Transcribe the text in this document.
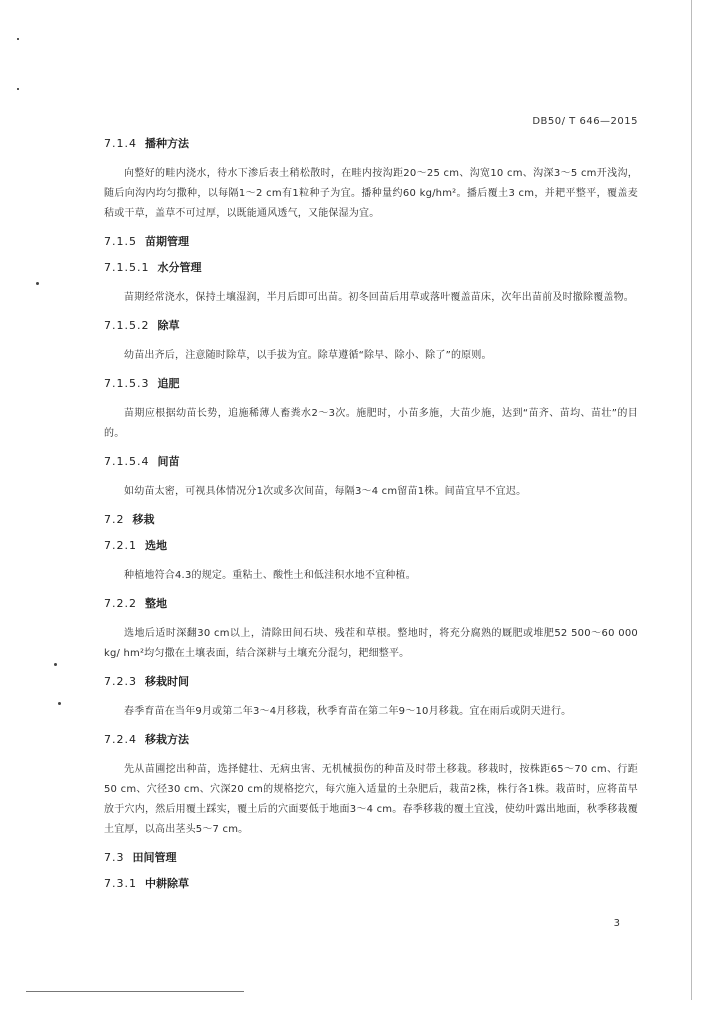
DB50/ T 646—2015
7.1.4 播种方法
向整好的畦内浇水，待水下渗后表土稍松散时，在畦内按沟距20～25 cm、沟宽10 cm、沟深3～5 cm开浅沟，随后向沟内均匀撒种，以每隔1～2 cm有1粒种子为宜。播种量约60 kg/hm²。播后覆土3 cm，并耙平整平，覆盖麦秸或干草，盖草不可过厚，以既能通风透气，又能保湿为宜。
7.1.5 苗期管理
7.1.5.1 水分管理
苗期经常浇水，保持土壤湿润，半月后即可出苗。初冬回苗后用草或落叶覆盖苗床，次年出苗前及时撤除覆盖物。
7.1.5.2 除草
幼苗出齐后，注意随时除草，以手拔为宜。除草遵循“除早、除小、除了”的原则。
7.1.5.3 追肥
苗期应根据幼苗长势，追施稀薄人畜粪水2～3次。施肥时，小苗多施，大苗少施，达到“苗齐、苗均、苗壮”的目的。
7.1.5.4 间苗
如幼苗太密，可视具体情况分1次或多次间苗，每隔3～4 cm留苗1株。间苗宜早不宜迟。
7.2 移栽
7.2.1 选地
种植地符合4.3的规定。重粘土、酸性土和低洼积水地不宜种植。
7.2.2 整地
选地后适时深翻30 cm以上，清除田间石块、残茬和草根。整地时，将充分腐熟的厩肥或堆肥52 500～60 000 kg/ hm²均匀撒在土壤表面，结合深耕与土壤充分混匀，耙细整平。
7.2.3 移栽时间
春季育苗在当年9月或第二年3～4月移栽，秋季育苗在第二年9～10月移栽。宜在雨后或阴天进行。
7.2.4 移栽方法
先从苗圃挖出种苗，选择健壮、无病虫害、无机械损伤的种苗及时带土移栽。移栽时，按株距65～70 cm、行距50 cm、穴径30 cm、穴深20 cm的规格挖穴，每穴施入适量的土杂肥后，栽苗2株，株行各1株。栽苗时，应将苗早放于穴内，然后用覆土踩实，覆土后的穴面要低于地面3～4 cm。春季移栽的覆土宜浅，使幼叶露出地面，秋季移栽覆土宜厚，以高出茎头5～7 cm。
7.3 田间管理
7.3.1 中耕除草
3
